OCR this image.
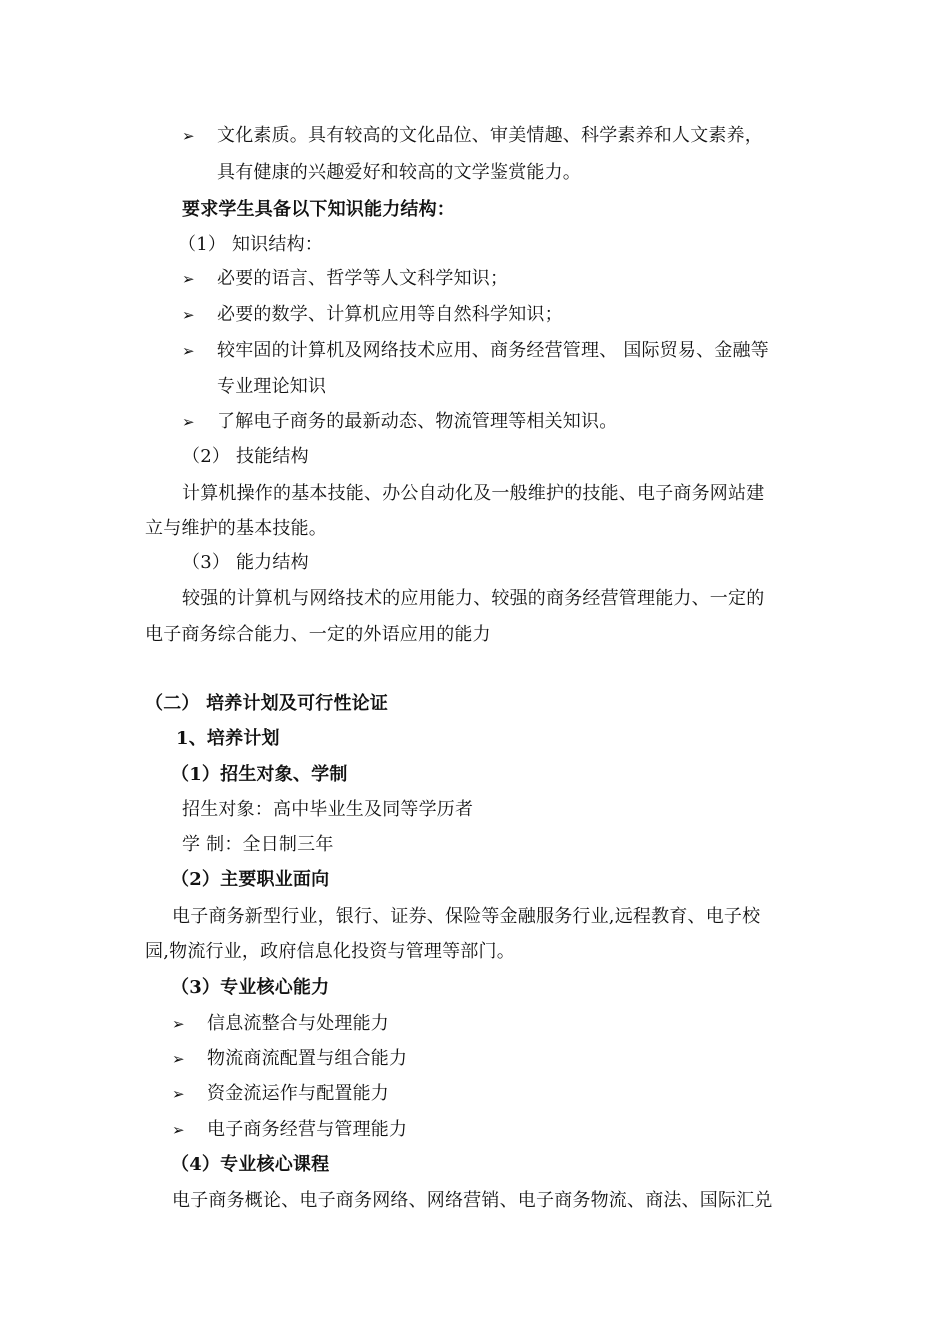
➢ 文化素质。具有较高的文化品位、审美情趣、科学素养和人文素养，
具有健康的兴趣爱好和较高的文学鉴赏能力。
要求学生具备以下知识能力结构：
（1） 知识结构：
➢ 必要的语言、哲学等人文科学知识；
➢ 必要的数学、计算机应用等自然科学知识；
➢ 较牢固的计算机及网络技术应用、商务经营管理、 国际贸易、金融等
专业理论知识
➢ 了解电子商务的最新动态、物流管理等相关知识。
（2） 技能结构
计算机操作的基本技能、办公自动化及一般维护的技能、电子商务网站建
立与维护的基本技能。
（3） 能力结构
较强的计算机与网络技术的应用能力、较强的商务经营管理能力、一定的
电子商务综合能力、一定的外语应用的能力
（二） 培养计划及可行性论证
1、培养计划
（1）招生对象、学制
招生对象：高中毕业生及同等学历者
学 制：全日制三年
（2）主要职业面向
电子商务新型行业，银行、证券、保险等金融服务行业,远程教育、电子校
园,物流行业，政府信息化投资与管理等部门。
（3）专业核心能力
➢ 信息流整合与处理能力
➢ 物流商流配置与组合能力
➢ 资金流运作与配置能力
➢ 电子商务经营与管理能力
（4）专业核心课程
电子商务概论、电子商务网络、网络营销、电子商务物流、商法、国际汇兑
